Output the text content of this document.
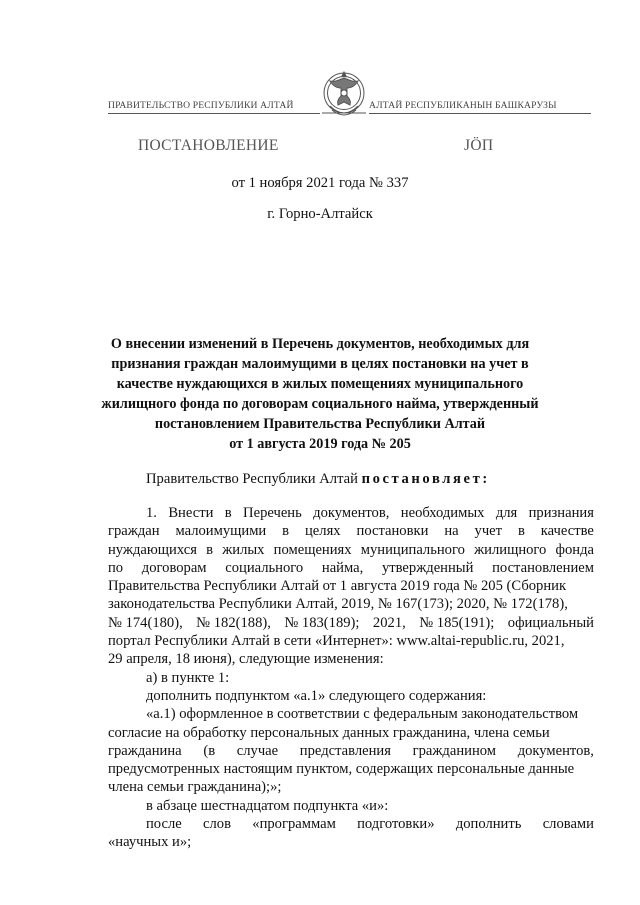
ПРАВИТЕЛЬСТВО РЕСПУБЛИКИ АЛТАЙ	АЛТАЙ РЕСПУБЛИКАНЫН БАШКАРУЗЫ
ПОСТАНОВЛЕНИЕ	JÖП
от 1 ноября 2021 года № 337
г. Горно-Алтайск
О внесении изменений в Перечень документов, необходимых для
признания граждан малоимущими в целях постановки на учет в
качестве нуждающихся в жилых помещениях муниципального
жилищного фонда по договорам социального найма, утвержденный
постановлением Правительства Республики Алтай
от 1 августа 2019 года № 205
Правительство Республики Алтай постановляет:
1. Внести в Перечень документов, необходимых для признания
граждан малоимущими в целях постановки на учет в качестве
нуждающихся в жилых помещениях муниципального жилищного фонда
по договорам социального найма, утвержденный постановлением
Правительства Республики Алтай от 1 августа 2019 года № 205 (Сборник
законодательства Республики Алтай, 2019, № 167(173); 2020, № 172(178),
№ 174(180), № 182(188), № 183(189); 2021, № 185(191); официальный
портал Республики Алтай в сети «Интернет»: www.altai-republic.ru, 2021,
29 апреля, 18 июня), следующие изменения:
а) в пункте 1:
дополнить подпунктом «а.1» следующего содержания:
«а.1) оформленное в соответствии с федеральным законодательством
согласие на обработку персональных данных гражданина, члена семьи
гражданина (в случае представления гражданином документов,
предусмотренных настоящим пунктом, содержащих персональные данные
члена семьи гражданина);»;
в абзаце шестнадцатом подпункта «и»:
после слов «программам подготовки» дополнить словами
«научных и»;
